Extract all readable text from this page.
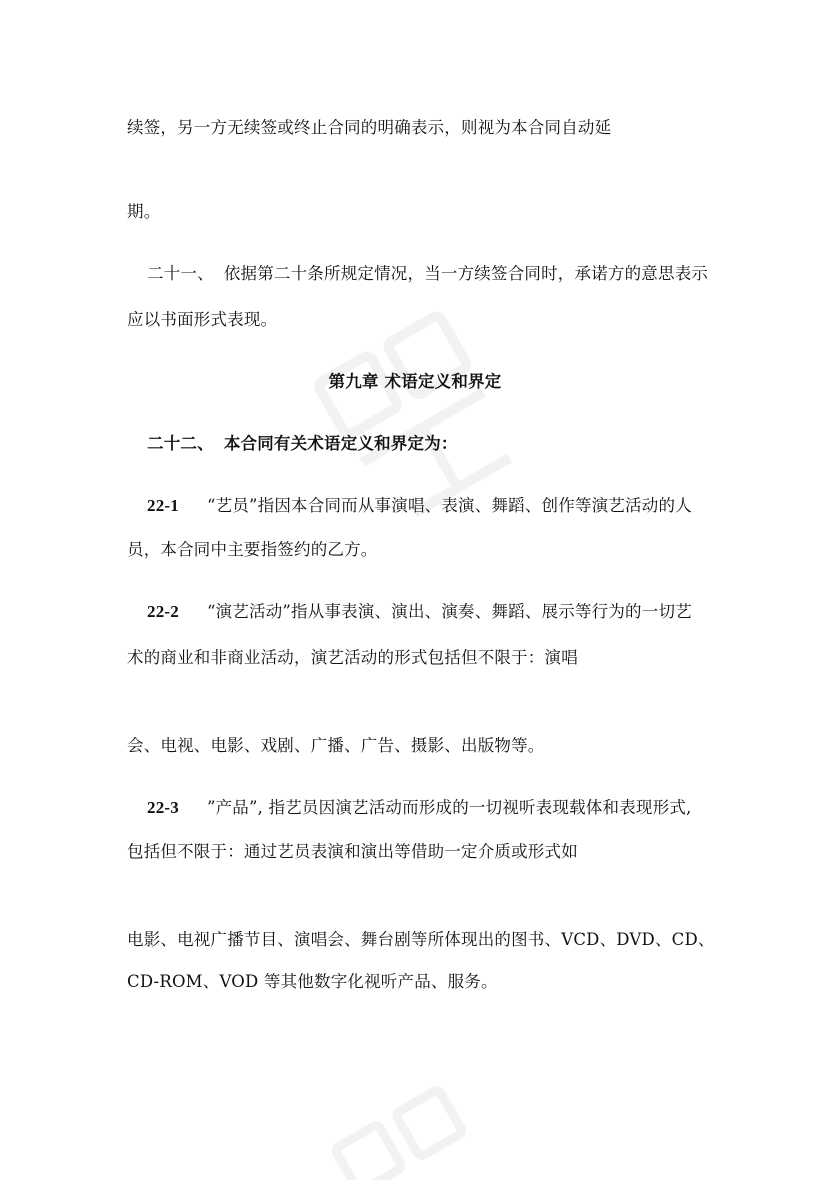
续签，另一方无续签或终止合同的明确表示，则视为本合同自动延
期。
二十一、 依据第二十条所规定情况，当一方续签合同时，承诺方的意思表示
应以书面形式表现。
第九章 术语定义和界定
二十二、 本合同有关术语定义和界定为：
22-1 “艺员”指因本合同而从事演唱、表演、舞蹈、创作等演艺活动的人
员，本合同中主要指签约的乙方。
22-2 “演艺活动”指从事表演、演出、演奏、舞蹈、展示等行为的一切艺
术的商业和非商业活动，演艺活动的形式包括但不限于：演唱
会、电视、电影、戏剧、广播、广告、摄影、出版物等。
22-3 ”产品”, 指艺员因演艺活动而形成的一切视听表现载体和表现形式,
包括但不限于：通过艺员表演和演出等借助一定介质或形式如
电影、电视广播节目、演唱会、舞台剧等所体现出的图书、VCD、DVD、CD、
CD-ROM、VOD 等其他数字化视听产品、服务。
